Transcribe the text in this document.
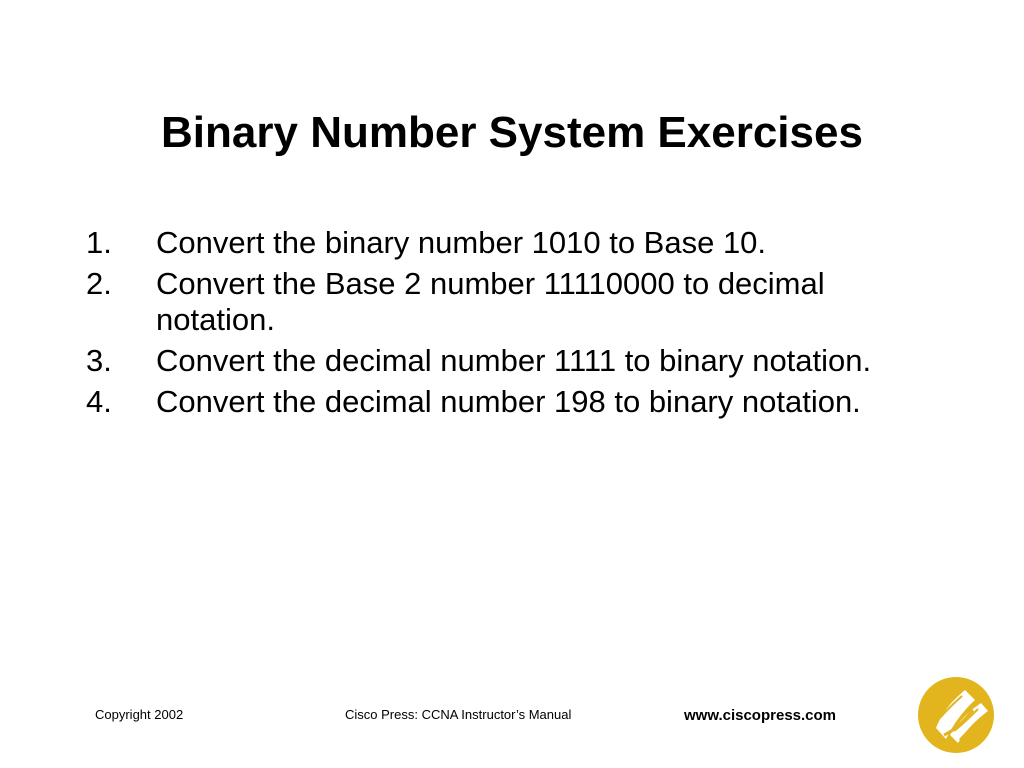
Binary Number System Exercises
1.	Convert the binary number 1010 to Base 10.
2.	Convert the Base 2 number 11110000 to decimal notation.
3.	Convert the decimal number 1111 to binary notation.
4.	Convert the decimal number 198 to binary notation.
Copyright 2002	Cisco Press: CCNA Instructor’s Manual	www.ciscopress.com
